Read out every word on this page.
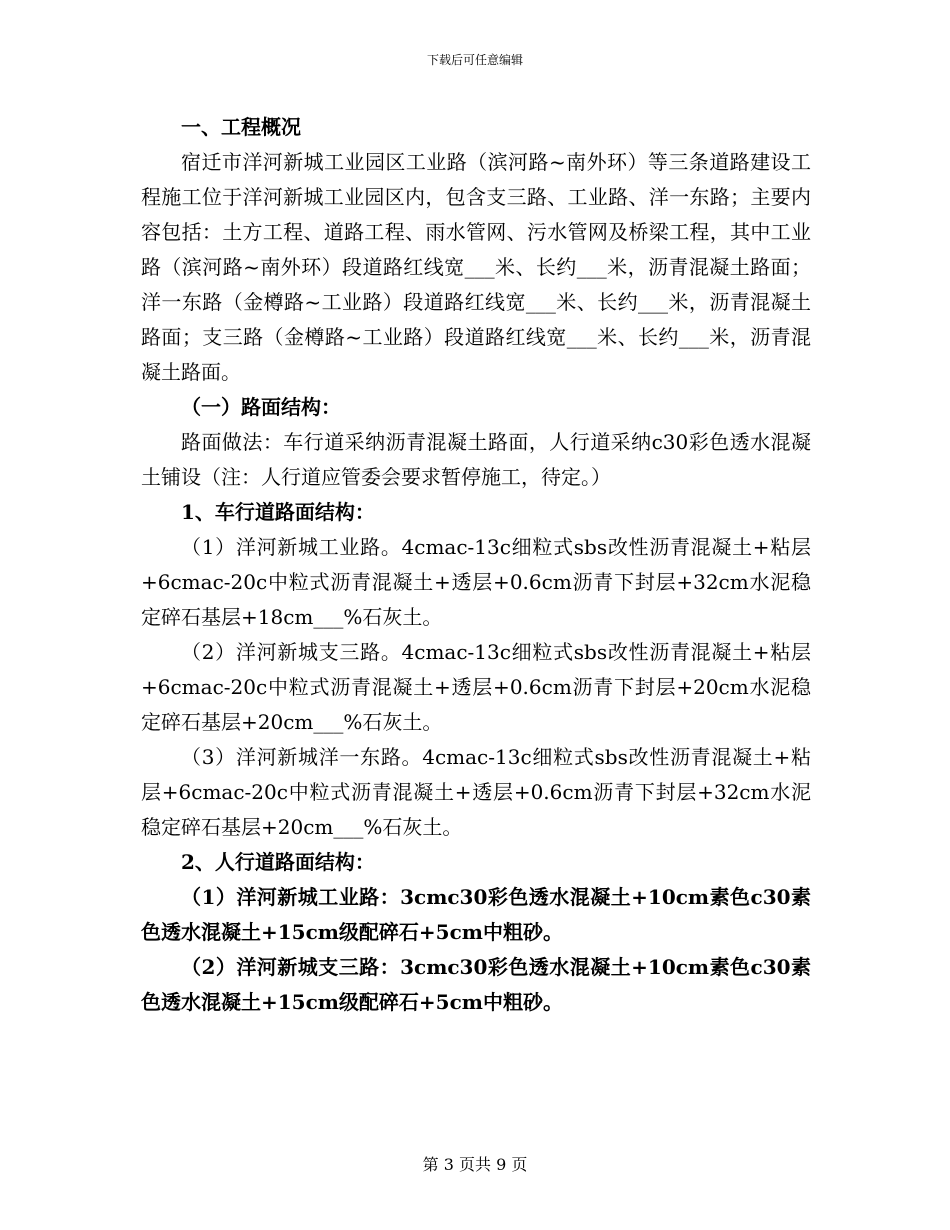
下载后可任意编辑

一、工程概况

宿迁市洋河新城工业园区工业路（滨河路~南外环）等三条道路建设工程施工位于洋河新城工业园区内，包含支三路、工业路、洋一东路；主要内容包括：土方工程、道路工程、雨水管网、污水管网及桥梁工程，其中工业路（滨河路~南外环）段道路红线宽___米、长约___米，沥青混凝土路面；洋一东路（金樽路~工业路）段道路红线宽___米、长约___米，沥青混凝土路面；支三路（金樽路~工业路）段道路红线宽___米、长约___米，沥青混凝土路面。

（一）路面结构：

路面做法：车行道采纳沥青混凝土路面，人行道采纳c30彩色透水混凝土铺设（注：人行道应管委会要求暂停施工，待定。）

1、车行道路面结构：

（1）洋河新城工业路。4cmac-13c细粒式sbs改性沥青混凝土+粘层+6cmac-20c中粒式沥青混凝土+透层+0.6cm沥青下封层+32cm水泥稳定碎石基层+18cm___%石灰土。

（2）洋河新城支三路。4cmac-13c细粒式sbs改性沥青混凝土+粘层+6cmac-20c中粒式沥青混凝土+透层+0.6cm沥青下封层+20cm水泥稳定碎石基层+20cm___%石灰土。

（3）洋河新城洋一东路。4cmac-13c细粒式sbs改性沥青混凝土+粘层+6cmac-20c中粒式沥青混凝土+透层+0.6cm沥青下封层+32cm水泥稳定碎石基层+20cm___%石灰土。

2、人行道路面结构：

（1）洋河新城工业路：3cmc30彩色透水混凝土+10cm素色c30素色透水混凝土+15cm级配碎石+5cm中粗砂。

（2）洋河新城支三路：3cmc30彩色透水混凝土+10cm素色c30素色透水混凝土+15cm级配碎石+5cm中粗砂。

第 3 页共 9 页
